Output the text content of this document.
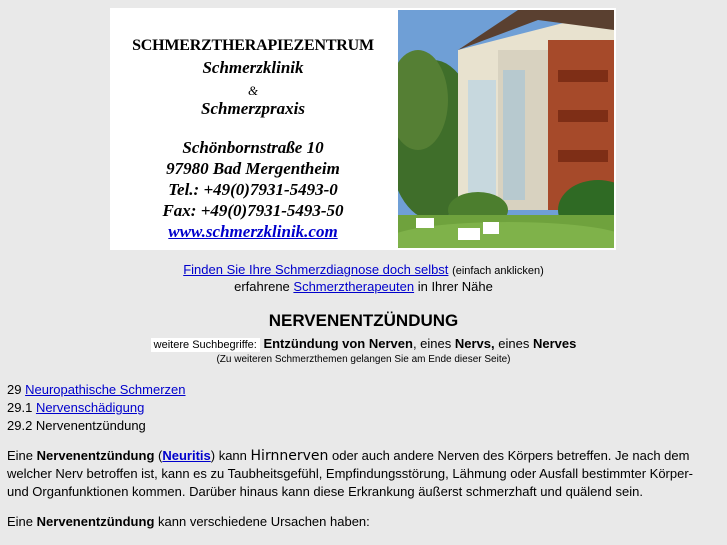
SCHMERZTHERAPIEZENTRUM
Schmerzklinik
&
Schmerzpraxis
Schönbornstraße 10
97980 Bad Mergentheim
Tel.: +49(0)7931-5493-0
Fax: +49(0)7931-5493-50
www.schmerzklinik.com
Finden Sie Ihre Schmerzdiagnose doch selbst (einfach anklicken)
erfahrene Schmerztherapeuten in Ihrer Nähe
NERVENENTZÜNDUNG
weitere Suchbegriffe: Entzündung von Nerven, eines Nervs, eines Nerves
(Zu weiteren Schmerzthemen gelangen Sie am Ende dieser Seite)
29 Neuropathische Schmerzen
29.1 Nervenschädigung
29.2 Nervenentzündung
Eine Nervenentzündung (Neuritis) kann Hirnnerven oder auch andere Nerven des Körpers betreffen. Je nach dem
welcher Nerv betroffen ist, kann es zu Taubheitsgefühl, Empfindungsstörung, Lähmung oder Ausfall bestimmter Körper-
und Organfunktionen kommen. Darüber hinaus kann diese Erkrankung äußerst schmerzhaft und quälend sein.
Eine Nervenentzündung kann verschiedene Ursachen haben:
